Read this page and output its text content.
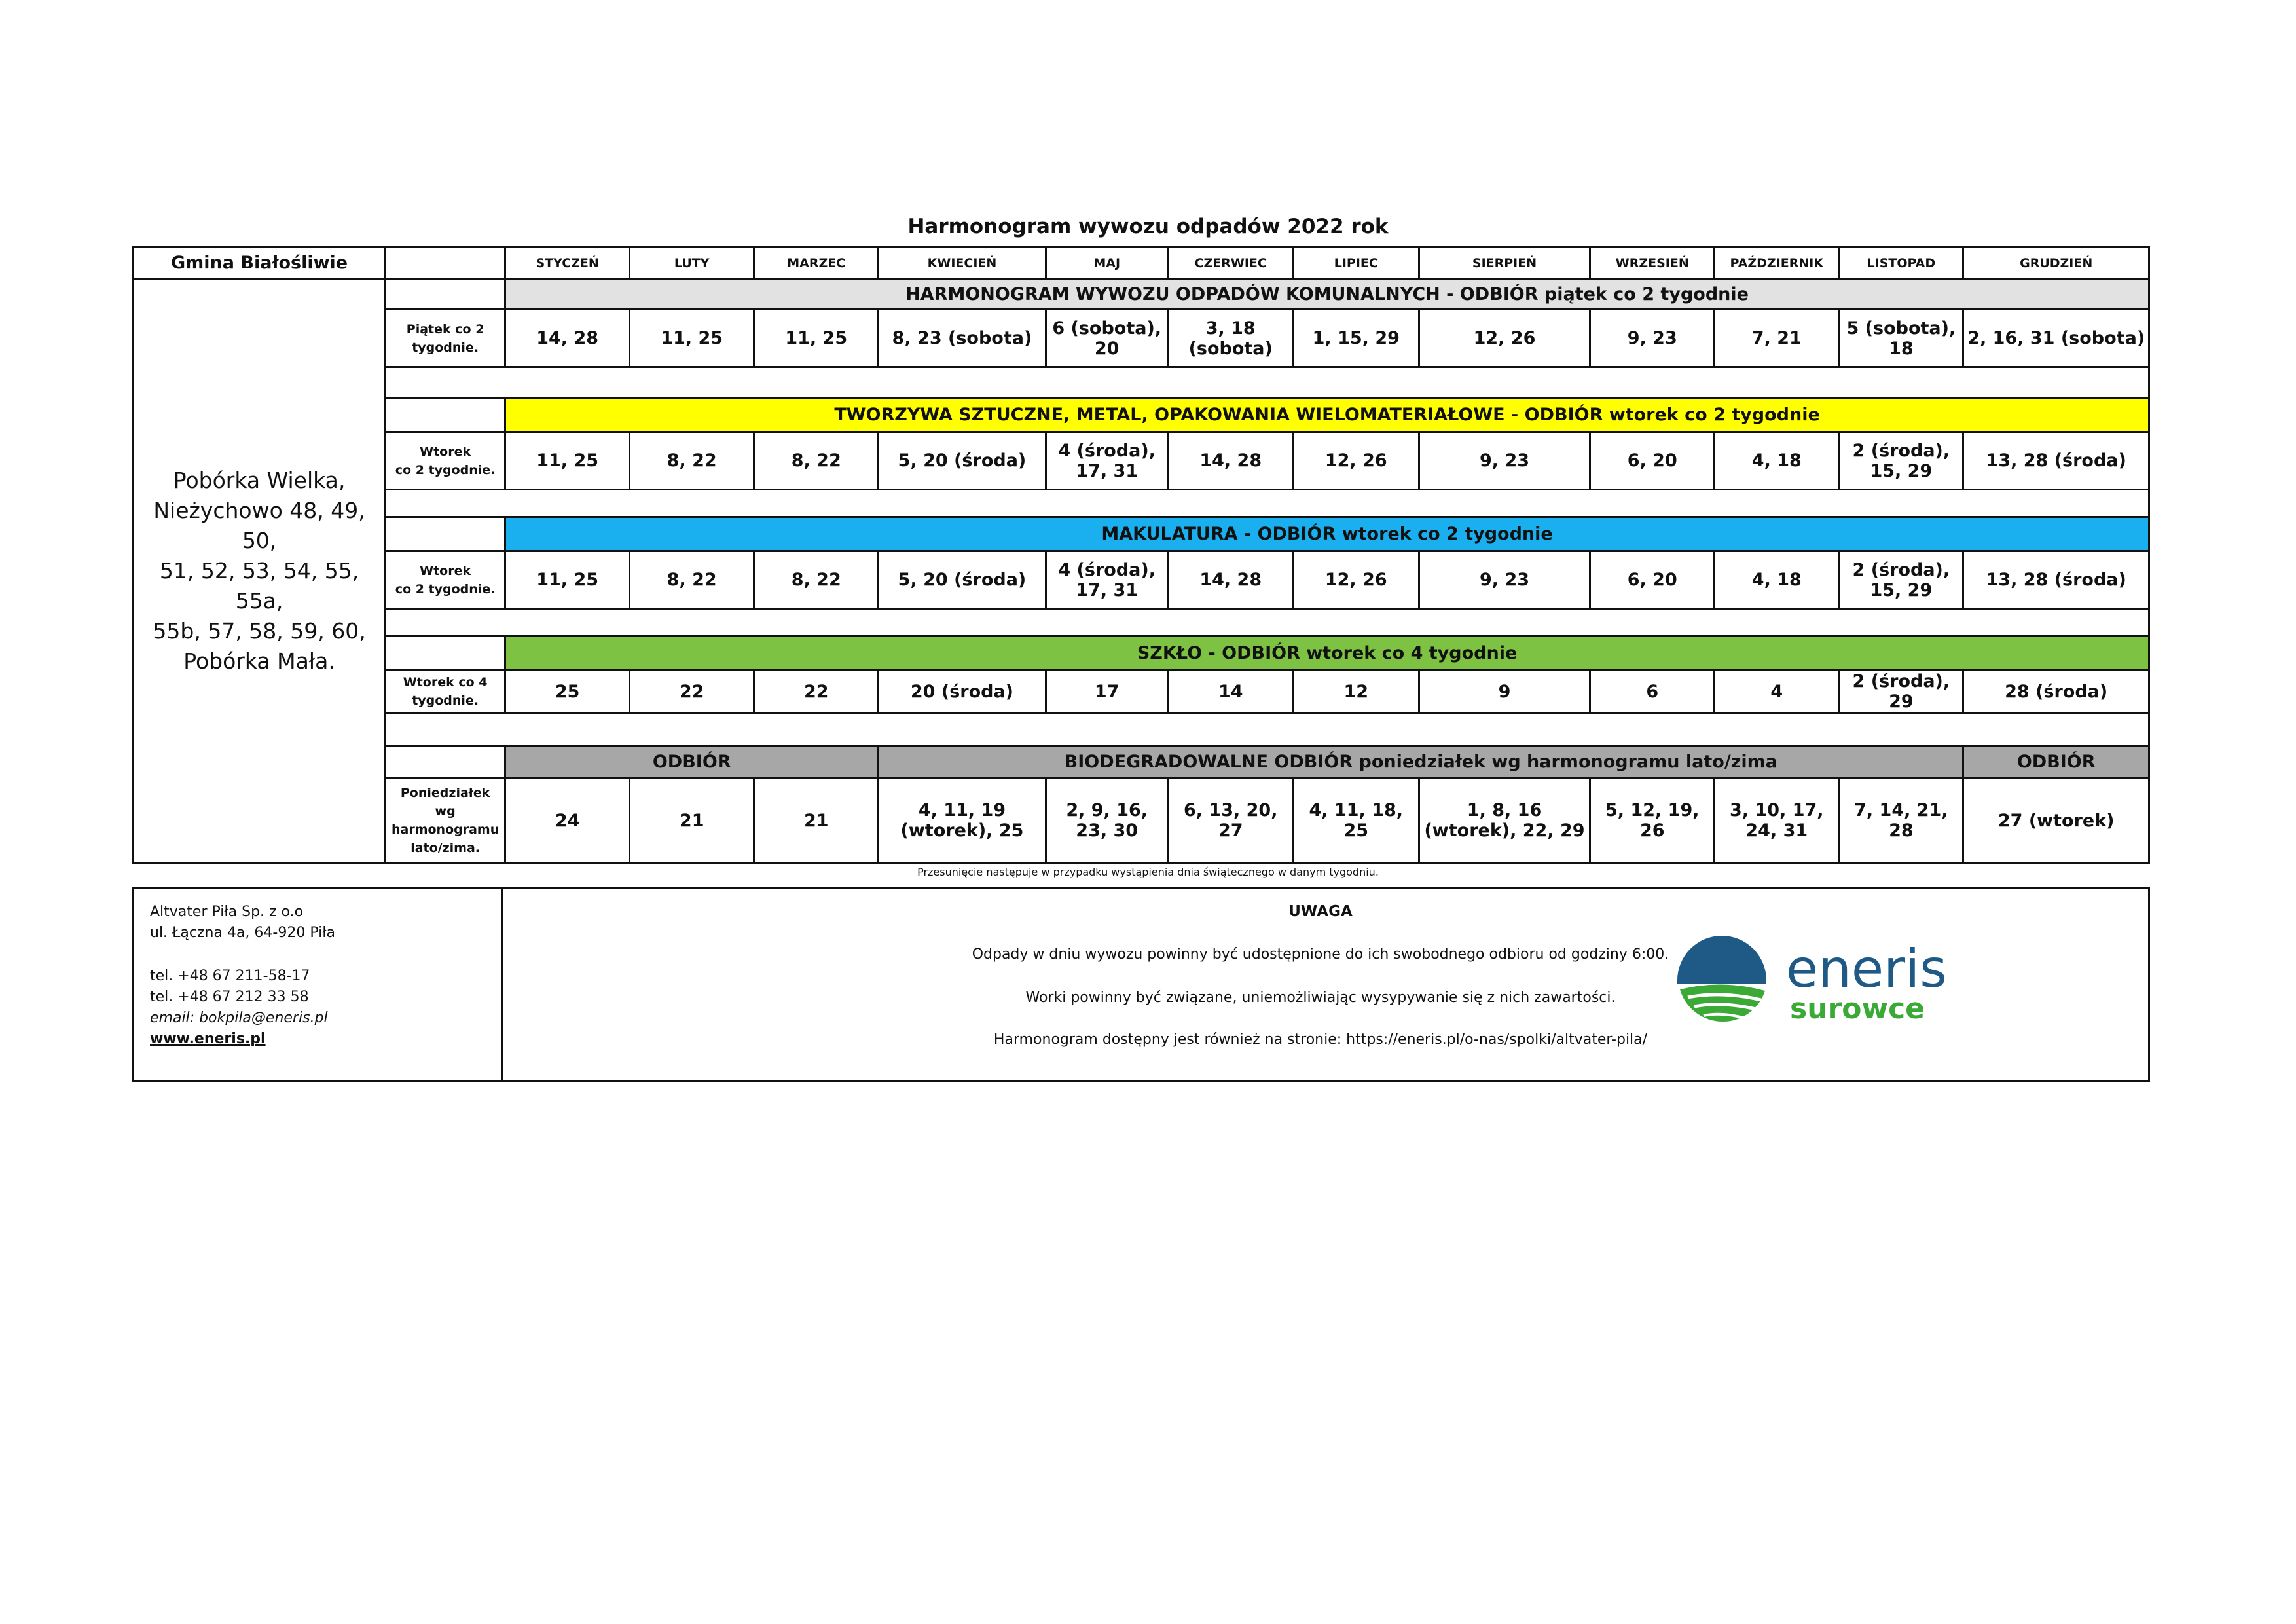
Harmonogram wywozu odpadów 2022 rok
Gmina Białośliwie		STYCZEŃ	LUTY	MARZEC	KWIECIEŃ	MAJ	CZERWIEC	LIPIEC	SIERPIEŃ	WRZESIEŃ	PAŹDZIERNIK	LISTOPAD	GRUDZIEŃ
Pobórka Wielka,
Nieżychowo 48, 49, 50,
51, 52, 53, 54, 55, 55a,
55b, 57, 58, 59, 60,
Pobórka Mała.		HARMONOGRAM WYWOZU ODPADÓW KOMUNALNYCH - ODBIÓR piątek co 2 tygodnie											
	Piątek co 2
tygodnie.	14, 28	11, 25	11, 25	8, 23 (sobota)	6 (sobota), 20	3, 18 (sobota)	1, 15, 29	12, 26	9, 23	7, 21	5 (sobota), 18	2, 16, 31 (sobota)

		TWORZYWA SZTUCZNE, METAL, OPAKOWANIA WIELOMATERIAŁOWE - ODBIÓR wtorek co 2 tygodnie											
	Wtorek
co 2 tygodnie.	11, 25	8, 22	8, 22	5, 20 (środa)	4 (środa), 17, 31	14, 28	12, 26	9, 23	6, 20	4, 18	2 (środa), 15, 29	13, 28 (środa)

		MAKULATURA - ODBIÓR wtorek co 2 tygodnie											
	Wtorek
co 2 tygodnie.	11, 25	8, 22	8, 22	5, 20 (środa)	4 (środa), 17, 31	14, 28	12, 26	9, 23	6, 20	4, 18	2 (środa), 15, 29	13, 28 (środa)

		SZKŁO - ODBIÓR wtorek co 4 tygodnie											
	Wtorek co 4
tygodnie.	25	22	22	20 (środa)	17	14	12	9	6	4	2 (środa), 29	28 (środa)

		ODBIÓR			BIODEGRADOWALNE ODBIÓR poniedziałek wg harmonogramu lato/zima								ODBIÓR
	Poniedziałek wg
harmonogramu
lato/zima.	24	21	21	4, 11, 19 (wtorek), 25	2, 9, 16, 23, 30	6, 13, 20, 27	4, 11, 18, 25	1, 8, 16 (wtorek), 22, 29	5, 12, 19, 26	3, 10, 17, 24, 31	7, 14, 21, 28	27 (wtorek)
Przesunięcie następuje w przypadku wystąpienia dnia świątecznego w danym tygodniu.
Altvater Piła Sp. z o.o
ul. Łączna 4a, 64-920 Piła
tel. +48 67 211-58-17
tel. +48 67 212 33 58
email: bokpila@eneris.pl
www.eneris.pl
UWAGA
Odpady w dniu wywozu powinny być udostępnione do ich swobodnego odbioru od godziny 6:00.
Worki powinny być związane, uniemożliwiając wysypywanie się z nich zawartości.
Harmonogram dostępny jest również na stronie: https://eneris.pl/o-nas/spolki/altvater-pila/
eneris
surowce
